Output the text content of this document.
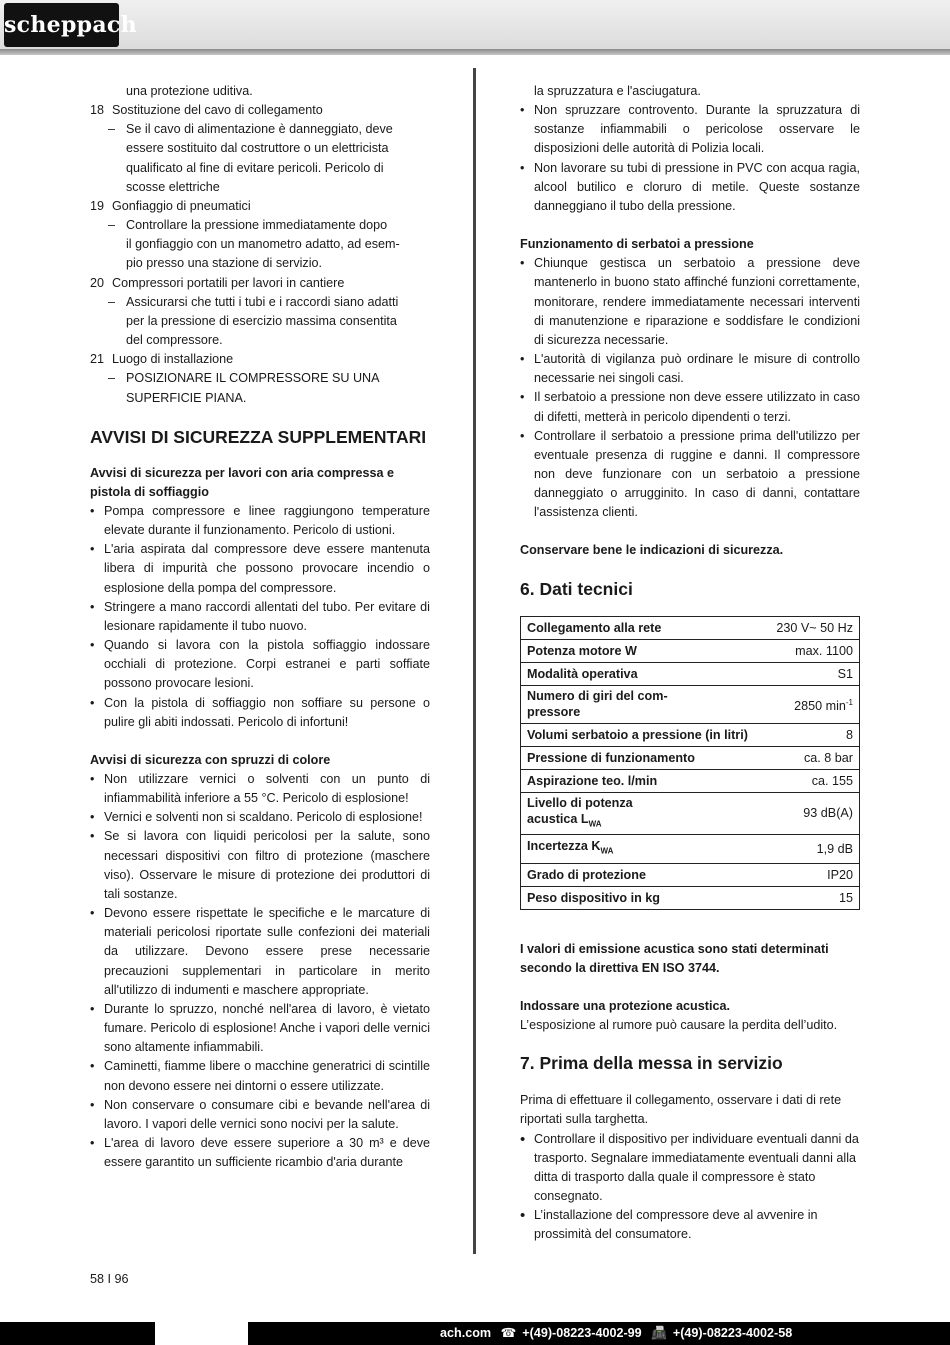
scheppach

una protezione uditiva.

18 Sostituzione del cavo di collegamento
– Se il cavo di alimentazione è danneggiato, deve
essere sostituito dal costruttore o un elettricista
qualificato al fine di evitare pericoli. Pericolo di
scosse elettriche
19 Gonfiaggio di pneumatici
– Controllare la pressione immediatamente dopo
il gonfiaggio con un manometro adatto, ad esem-
pio presso una stazione di servizio.
20 Compressori portatili per lavori in cantiere
– Assicurarsi che tutti i tubi e i raccordi siano adatti
per la pressione di esercizio massima consentita
del compressore.
21 Luogo di installazione
– POSIZIONARE IL COMPRESSORE SU UNA
SUPERFICIE PIANA.
AVVISI DI SICUREZZA SUPPLEMENTARI

Avvisi di sicurezza per lavori con aria compressa e
pistola di soffiaggio

• Pompa compressore e linee raggiungono temperature elevate durante il funzionamento. Pericolo di ustioni.
• L'aria aspirata dal compressore deve essere mantenuta libera di impurità che possono provocare incendio o esplosione della pompa del compressore.
• Stringere a mano raccordi allentati del tubo. Per evitare di lesionare rapidamente il tubo nuovo.
• Quando si lavora con la pistola soffiaggio indossare occhiali di protezione. Corpi estranei e parti soffiate possono provocare lesioni.
• Con la pistola di soffiaggio non soffiare su persone o pulire gli abiti indossati. Pericolo di infortuni!

Avvisi di sicurezza con spruzzi di colore

• Non utilizzare vernici o solventi con un punto di infiammabilità inferiore a 55 °C. Pericolo di esplosione!
• Vernici e solventi non si scaldano. Pericolo di esplosione!
• Se si lavora con liquidi pericolosi per la salute, sono necessari dispositivi con filtro di protezione (maschere viso). Osservare le misure di protezione dei produttori di tali sostanze.
• Devono essere rispettate le specifiche e le marcature di materiali pericolosi riportate sulle confezioni dei materiali da utilizzare. Devono essere prese necessarie precauzioni supplementari in particolare in merito all'utilizzo di indumenti e maschere appropriate.
• Durante lo spruzzo, nonché nell'area di lavoro, è vietato fumare. Pericolo di esplosione! Anche i vapori delle vernici sono altamente infiammabili.
• Caminetti, fiamme libere o macchine generatrici di scintille non devono essere nei dintorni o essere utilizzate.
• Non conservare o consumare cibi e bevande nell'area di lavoro. I vapori delle vernici sono nocivi per la salute.
• L'area di lavoro deve essere superiore a 30 m³ e deve essere garantito un sufficiente ricambio d'aria durante

la spruzzatura e l'asciugatura.

• Non spruzzare controvento. Durante la spruzzatura di sostanze infiammabili o pericolose osservare le disposizioni delle autorità di Polizia locali.
• Non lavorare su tubi di pressione in PVC con acqua ragia, alcool butilico e cloruro di metile. Queste sostanze danneggiano il tubo della pressione.

Funzionamento di serbatoi a pressione

• Chiunque gestisca un serbatoio a pressione deve mantenerlo in buono stato affinché funzioni correttamente, monitorare, rendere immediatamente necessari interventi di manutenzione e riparazione e soddisfare le condizioni di sicurezza necessarie.
• L'autorità di vigilanza può ordinare le misure di controllo necessarie nei singoli casi.
• Il serbatoio a pressione non deve essere utilizzato in caso di difetti, metterà in pericolo dipendenti o terzi.
• Controllare il serbatoio a pressione prima dell'utilizzo per eventuale presenza di ruggine e danni. Il compressore non deve funzionare con un serbatoio a pressione danneggiato o arrugginito. In caso di danni, contattare l'assistenza clienti.

Conservare bene le indicazioni di sicurezza.

6. Dati tecnici
Collegamento alla rete	230 V~ 50 Hz
Potenza motore W	max. 1100
Modalità operativa	S1
Numero di giri del com-
pressore	2850 $\min^{-1}$
Volumi serbatoio a pressione (in litri)	8
Pressione di funzionamento	ca. 8 bar
Aspirazione teo. l/min	ca. 155
Livello di potenza
acustica $L_{WA}$	93 dB(A)
Incertezza $K_{WA}$	1,9 dB
Grado di protezione	IP20
Peso dispositivo in kg	15

I valori di emissione acustica sono stati determinati
secondo la direttiva EN ISO 3744.

Indossare una protezione acustica.

L’esposizione al rumore può causare la perdita dell’udito.

7. Prima della messa in servizio

Prima di effettuare il collegamento, osservare i dati di rete riportati sulla targhetta.

• Controllare il dispositivo per individuare eventuali danni da trasporto. Segnalare immediatamente eventuali danni alla ditta di trasporto dalla quale il compressore è stato consegnato.
• L’installazione del compressore deve al avvenire in prossimità del consumatore.
58 I 96
ach.com ☎ +(49)-08223-4002-99 📠 +(49)-08223-4002-58
